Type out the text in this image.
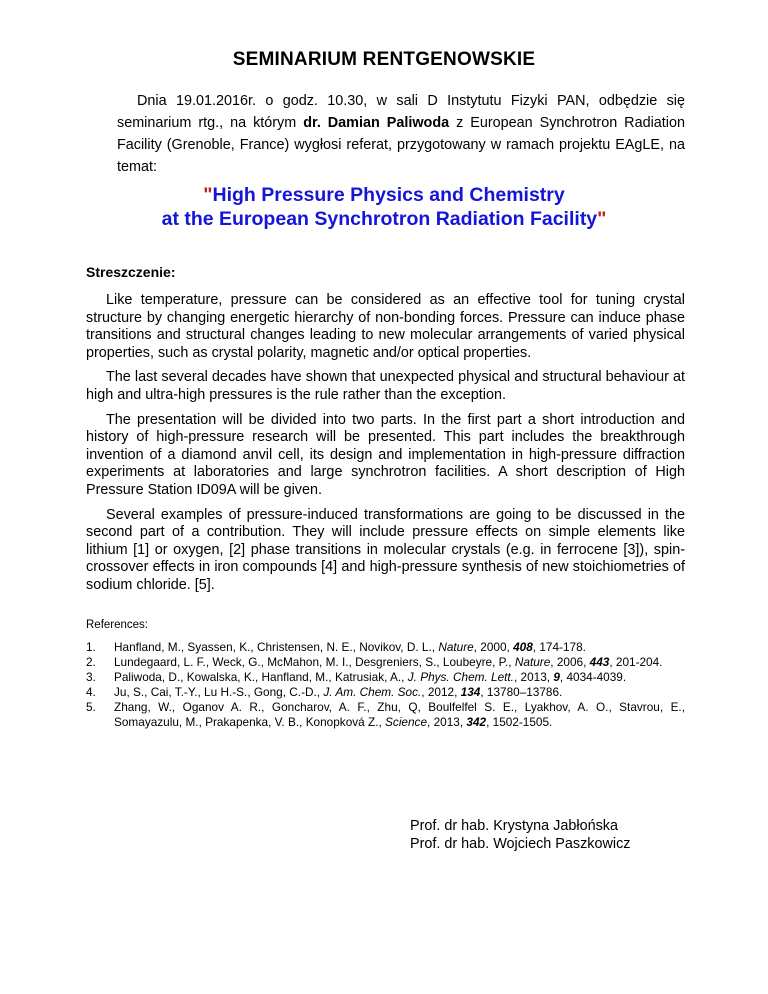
SEMINARIUM RENTGENOWSKIE
Dnia 19.01.2016r. o godz. 10.30, w sali D Instytutu Fizyki PAN, odbędzie się seminarium rtg., na którym dr. Damian Paliwoda z European Synchrotron Radiation Facility (Grenoble, France) wygłosi referat, przygotowany w ramach projektu EAgLE, na temat:
"High Pressure Physics and Chemistry
at the European Synchrotron Radiation Facility"
Streszczenie:

Like temperature, pressure can be considered as an effective tool for tuning crystal structure by changing energetic hierarchy of non-bonding forces. Pressure can induce phase transitions and structural changes leading to new molecular arrangements of varied physical properties, such as crystal polarity, magnetic and/or optical properties.

The last several decades have shown that unexpected physical and structural behaviour at high and ultra-high pressures is the rule rather than the exception.

The presentation will be divided into two parts. In the first part a short introduction and history of high-pressure research will be presented. This part includes the breakthrough invention of a diamond anvil cell, its design and implementation in high-pressure diffraction experiments at laboratories and large synchrotron facilities. A short description of High Pressure Station ID09A will be given.

Several examples of pressure-induced transformations are going to be discussed in the second part of a contribution. They will include pressure effects on simple elements like lithium [1] or oxygen, [2] phase transitions in molecular crystals (e.g. in ferrocene [3]), spin-crossover effects in iron compounds [4] and high-pressure synthesis of new stoichiometries of sodium chloride. [5].

References:
1. Hanfland, M., Syassen, K., Christensen, N. E., Novikov, D. L., Nature, 2000, 408, 174-178.
2. Lundegaard, L. F., Weck, G., McMahon, M. I., Desgreniers, S., Loubeyre, P., Nature, 2006, 443, 201-204.
3. Paliwoda, D., Kowalska, K., Hanfland, M., Katrusiak, A., J. Phys. Chem. Lett., 2013, 9, 4034-4039.
4. Ju, S., Cai, T.-Y., Lu H.-S., Gong, C.-D., J. Am. Chem. Soc., 2012, 134, 13780–13786.
5. Zhang, W., Oganov A. R., Goncharov, A. F., Zhu, Q, Boulfelfel S. E., Lyakhov, A. O., Stavrou, E., Somayazulu, M., Prakapenka, V. B., Konopková Z., Science, 2013, 342, 1502-1505.
Prof. dr hab. Krystyna Jabłońska
Prof. dr hab. Wojciech Paszkowicz
